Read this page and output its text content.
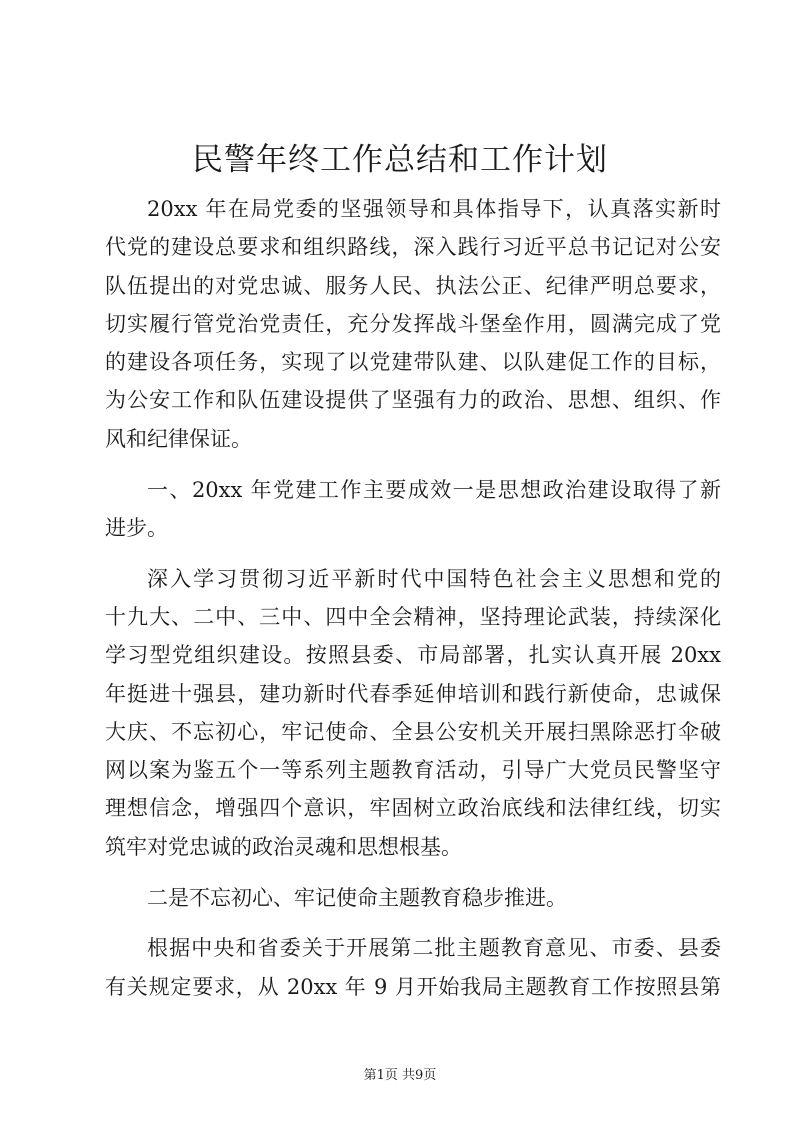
民警年终工作总结和工作计划
20xx 年在局党委的坚强领导和具体指导下，认真落实新时
代党的建设总要求和组织路线，深入践行习近平总书记记对公安
队伍提出的对党忠诚、服务人民、执法公正、纪律严明总要求，
切实履行管党治党责任，充分发挥战斗堡垒作用，圆满完成了党
的建设各项任务，实现了以党建带队建、以队建促工作的目标，
为公安工作和队伍建设提供了坚强有力的政治、思想、组织、作
风和纪律保证。
一、20xx 年党建工作主要成效一是思想政治建设取得了新
进步。
深入学习贯彻习近平新时代中国特色社会主义思想和党的
十九大、二中、三中、四中全会精神，坚持理论武装，持续深化
学习型党组织建设。按照县委、市局部署，扎实认真开展 20xx
年挺进十强县，建功新时代春季延伸培训和践行新使命，忠诚保
大庆、不忘初心，牢记使命、全县公安机关开展扫黑除恶打伞破
网以案为鉴五个一等系列主题教育活动，引导广大党员民警坚守
理想信念，增强四个意识，牢固树立政治底线和法律红线，切实
筑牢对党忠诚的政治灵魂和思想根基。
二是不忘初心、牢记使命主题教育稳步推进。
根据中央和省委关于开展第二批主题教育意见、市委、县委
有关规定要求，从 20xx 年 9 月开始我局主题教育工作按照县第
第1页 共9页
